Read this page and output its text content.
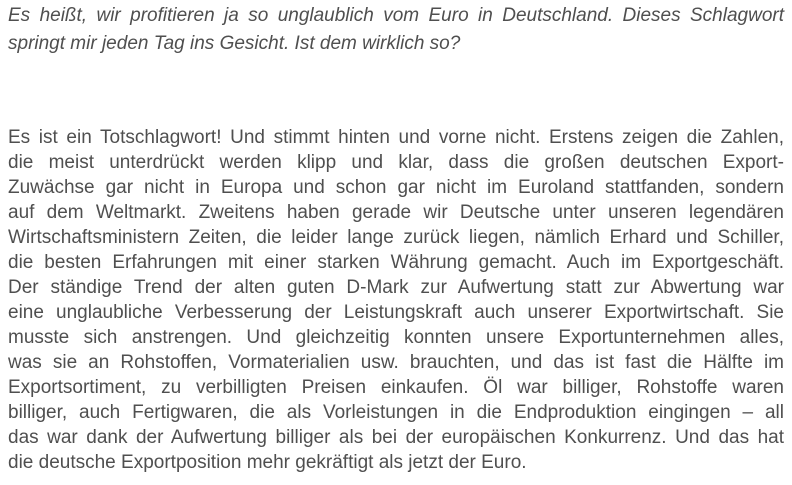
Es heißt, wir profitieren ja so unglaublich vom Euro in Deutschland. Dieses Schlagwort
springt mir jeden Tag ins Gesicht. Ist dem wirklich so?
Es ist ein Totschlagwort! Und stimmt hinten und vorne nicht. Erstens zeigen die Zahlen,
die meist unterdrückt werden klipp und klar, dass die großen deutschen Export-
Zuwächse gar nicht in Europa und schon gar nicht im Euroland stattfanden, sondern
auf dem Weltmarkt. Zweitens haben gerade wir Deutsche unter unseren legendären
Wirtschaftsministern Zeiten, die leider lange zurück liegen, nämlich Erhard und Schiller,
die besten Erfahrungen mit einer starken Währung gemacht. Auch im Exportgeschäft.
Der ständige Trend der alten guten D-Mark zur Aufwertung statt zur Abwertung war
eine unglaubliche Verbesserung der Leistungskraft auch unserer Exportwirtschaft. Sie
musste sich anstrengen. Und gleichzeitig konnten unsere Exportunternehmen alles,
was sie an Rohstoffen, Vormaterialien usw. brauchten, und das ist fast die Hälfte im
Exportsortiment, zu verbilligten Preisen einkaufen. Öl war billiger, Rohstoffe waren
billiger, auch Fertigwaren, die als Vorleistungen in die Endproduktion eingingen – all
das war dank der Aufwertung billiger als bei der europäischen Konkurrenz. Und das hat
die deutsche Exportposition mehr gekräftigt als jetzt der Euro.
